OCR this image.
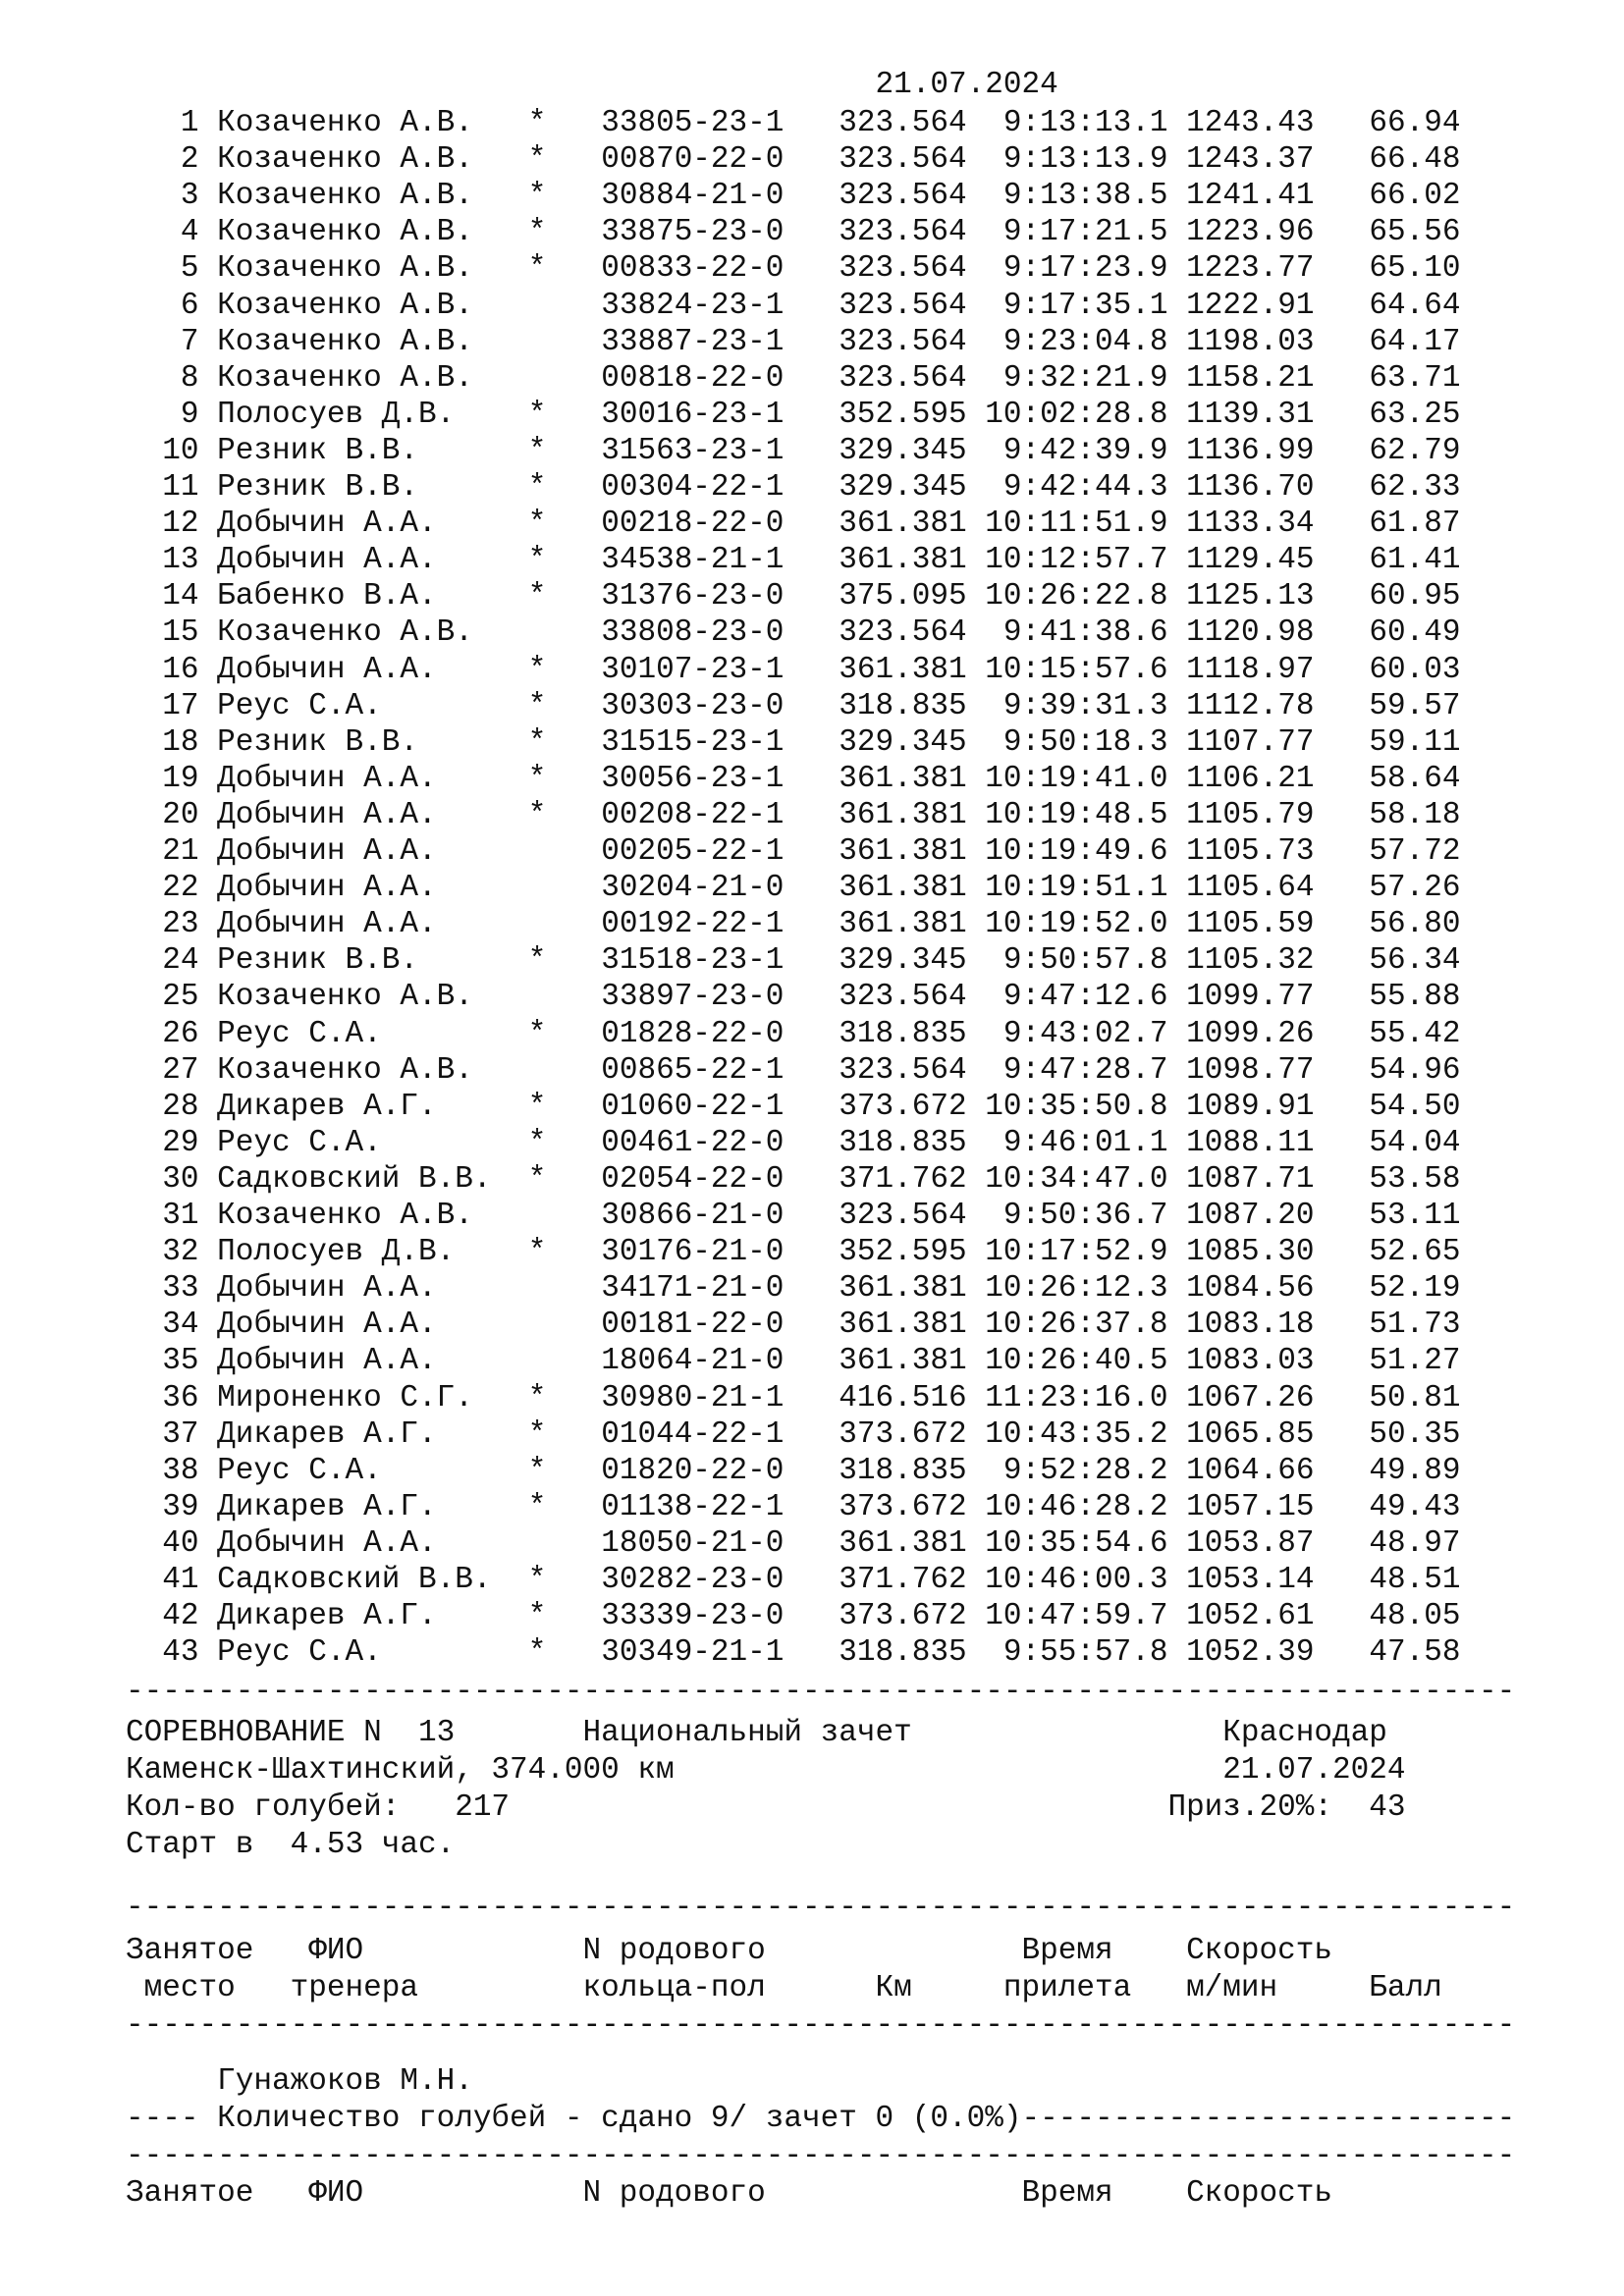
21.07.2024
1 Козаченко А.В.   * 33805-23-1 323.564  9:13:13.1 1243.43 66.94
2 Козаченко А.В.   * 00870-22-0 323.564  9:13:13.9 1243.37 66.48
3 Козаченко А.В.   * 30884-21-0 323.564  9:13:38.5 1241.41 66.02
4 Козаченко А.В.   * 33875-23-0 323.564  9:17:21.5 1223.96 65.56
5 Козаченко А.В.   * 00833-22-0 323.564  9:17:23.9 1223.77 65.10
6 Козаченко А.В.	33824-23-1 323.564  9:17:35.1 1222.91 64.64
7 Козаченко А.В.	33887-23-1 323.564  9:23:04.8 1198.03 64.17
8 Козаченко А.В.	00818-22-0 323.564  9:32:21.9 1158.21 63.71
9 Полосуев Д.В.    * 30016-23-1 352.595 10:02:28.8 1139.31 63.25
10 Резник В.В.      * 31563-23-1 329.345  9:42:39.9 1136.99 62.79
11 Резник В.В.      * 00304-22-1 329.345  9:42:44.3 1136.70 62.33
12 Добычин А.А.     * 00218-22-0 361.381 10:11:51.9 1133.34 61.87
13 Добычин А.А.     * 34538-21-1 361.381 10:12:57.7 1129.45 61.41
14 Бабенко В.А.     * 31376-23-0 375.095 10:26:22.8 1125.13 60.95
15 Козаченко А.В.	33808-23-0 323.564  9:41:38.6 1120.98 60.49
16 Добычин А.А.     * 30107-23-1 361.381 10:15:57.6 1118.97 60.03
17 Реус С.А.        * 30303-23-0 318.835  9:39:31.3 1112.78 59.57
18 Резник В.В.      * 31515-23-1 329.345  9:50:18.3 1107.77 59.11
19 Добычин А.А.     * 30056-23-1 361.381 10:19:41.0 1106.21 58.64
20 Добычин А.А.     * 00208-22-1 361.381 10:19:48.5 1105.79 58.18
21 Добычин А.А.	00205-22-1 361.381 10:19:49.6 1105.73 57.72
22 Добычин А.А.	30204-21-0 361.381 10:19:51.1 1105.64 57.26
23 Добычин А.А.	00192-22-1 361.381 10:19:52.0 1105.59 56.80
24 Резник В.В.      * 31518-23-1 329.345  9:50:57.8 1105.32 56.34
25 Козаченко А.В.	33897-23-0 323.564  9:47:12.6 1099.77 55.88
26 Реус С.А.        * 01828-22-0 318.835  9:43:02.7 1099.26 55.42
27 Козаченко А.В.	00865-22-1 323.564  9:47:28.7 1098.77 54.96
28 Дикарев А.Г.     * 01060-22-1 373.672 10:35:50.8 1089.91 54.50
29 Реус С.А.        * 00461-22-0 318.835  9:46:01.1 1088.11 54.04
30 Садковский В.В. * 02054-22-0 371.762 10:34:47.0 1087.71 53.58
31 Козаченко А.В.	30866-21-0 323.564  9:50:36.7 1087.20 53.11
32 Полосуев Д.В.    * 30176-21-0 352.595 10:17:52.9 1085.30 52.65
33 Добычин А.А.	34171-21-0 361.381 10:26:12.3 1084.56 52.19
34 Добычин А.А.	00181-22-0 361.381 10:26:37.8 1083.18 51.73
35 Добычин А.А.	18064-21-0 361.381 10:26:40.5 1083.03 51.27
36 Мироненко С.Г.   * 30980-21-1 416.516 11:23:16.0 1067.26 50.81
37 Дикарев А.Г.     * 01044-22-1 373.672 10:43:35.2 1065.85 50.35
38 Реус С.А.        * 01820-22-0 318.835  9:52:28.2 1064.66 49.89
39 Дикарев А.Г.     * 01138-22-1 373.672 10:46:28.2 1057.15 49.43
40 Добычин А.А.	18050-21-0 361.381 10:35:54.6 1053.87 48.97
41 Садковский В.В. * 30282-23-0 371.762 10:46:00.3 1053.14 48.51
42 Дикарев А.Г.     * 33339-23-0 373.672 10:47:59.7 1052.61 48.05
43 Реус С.А.        * 30349-21-1 318.835  9:55:57.8 1052.39 47.58
----------------------------------------------------------------------------
СОРЕВНОВАНИЕ N  13       Национальный зачет                 Краснодар
Каменск-Шахтинский, 374.000 км                              21.07.2024
Кол-во голубей:   217                                    Приз.20%:  43
Старт в  4.53 час.
----------------------------------------------------------------------------
Занятое   ФИО            N родового              Время    Скорость
место   тренера         кольца-пол      Км     прилета   м/мин     Балл
----------------------------------------------------------------------------
Гунажоков М.Н.
---- Количество голубей - сдано 9/ зачет 0 (0.0%)---------------------------
----------------------------------------------------------------------------
Занятое   ФИО            N родового              Время    Скорость
